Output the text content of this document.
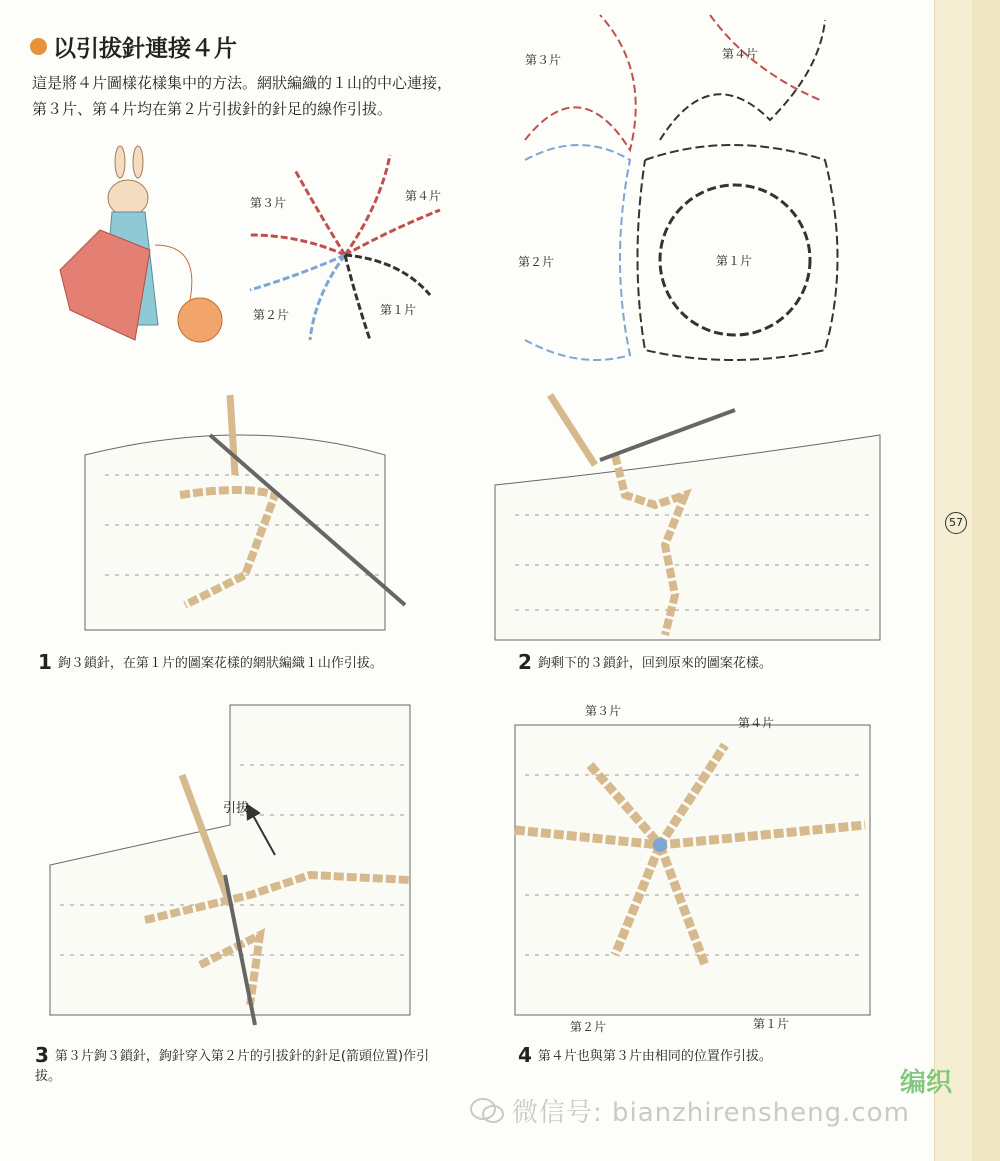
以引拔針連接４片
這是將４片圖樣花樣集中的方法。網狀編織的１山的中心連接，第３片、第４片均在第２片引拔針的針足的線作引拔。
第３片	第４片
第２片	第１片
第３片	第４片
第２片	第１片
1 鉤３鎖針，在第１片的圖案花樣的網狀編織１山作引拔。	2 鉤剩下的３鎖針，回到原來的圖案花樣。
引拔
3 第３片鉤３鎖針，鉤針穿入第２片的引拔針的針足(箭頭位置)作引拔。
第３片
第４片
第２片	第１片
4 第４片也與第３片由相同的位置作引拔。
57
微信号: bianzhirensheng.com
编织
